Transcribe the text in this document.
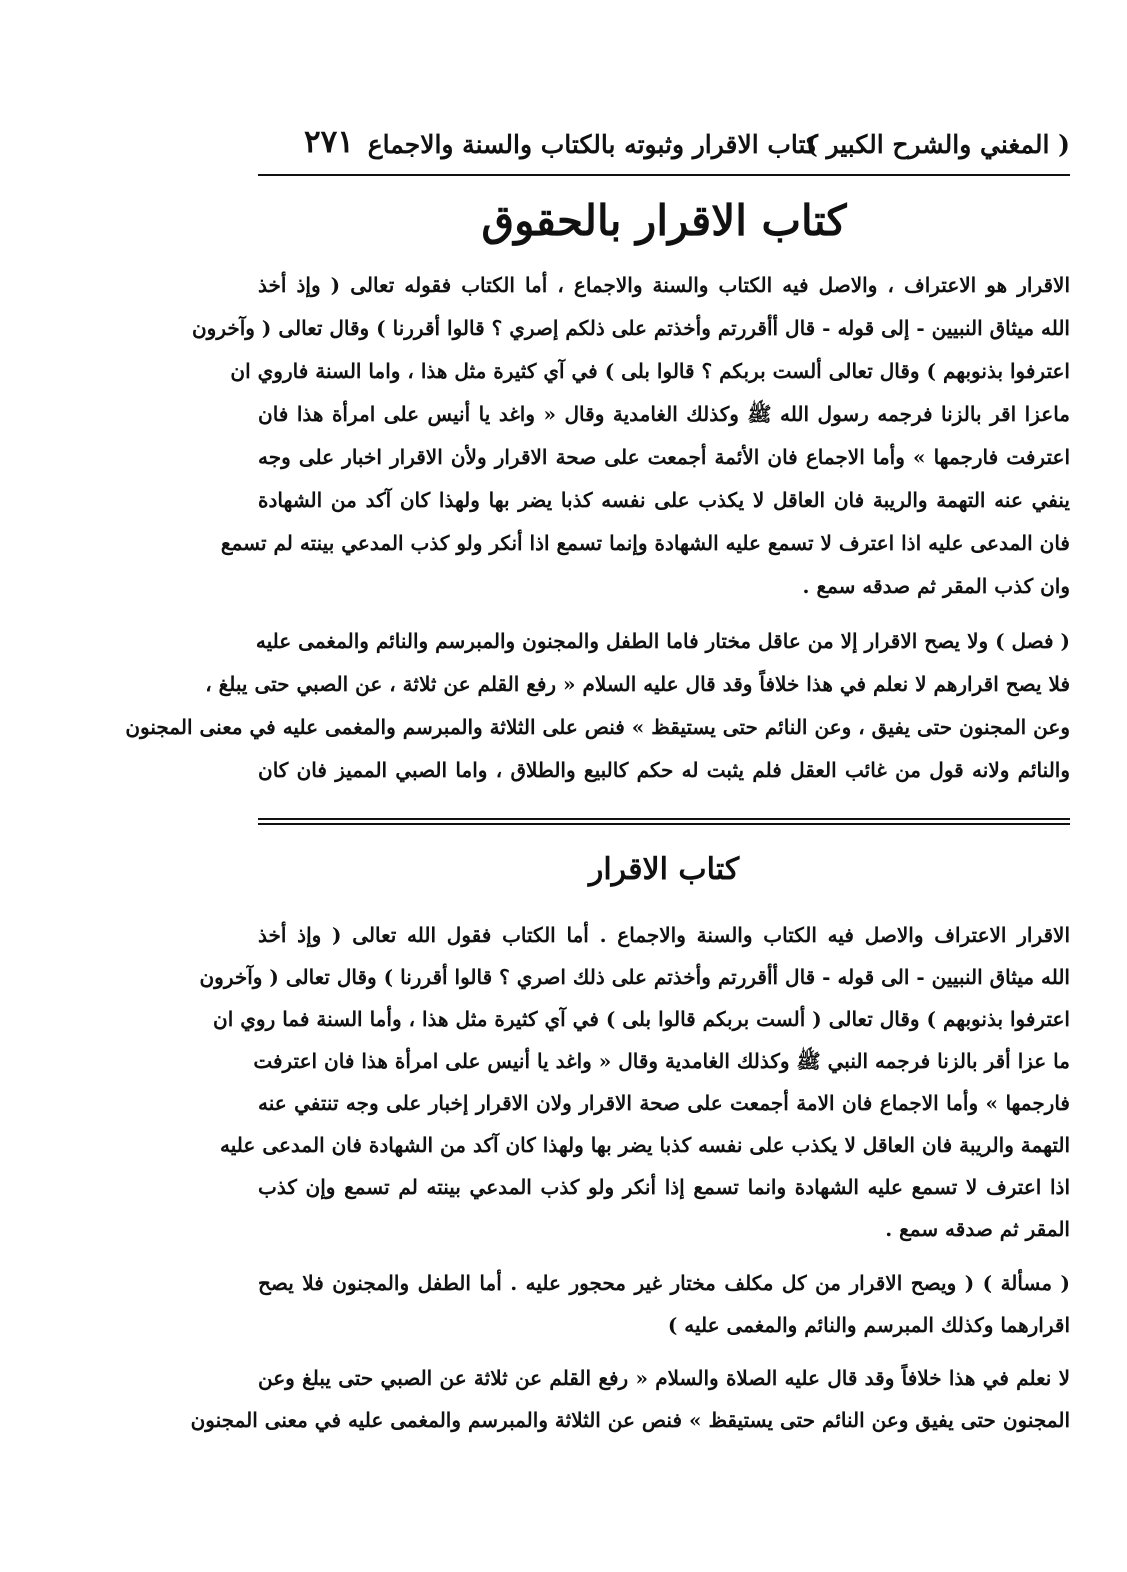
( المغني والشرح الكبير )
كتاب الاقرار وثبوته بالكتاب والسنة والاجماع
٢٧١
كتاب الاقرار بالحقوق
الاقرار هو الاعتراف ، والاصل فيه الكتاب والسنة والاجماع ، أما الكتاب فقوله تعالى ( وإذ أخذ
الله ميثاق النبيين - إلى قوله - قال أأقررتم وأخذتم على ذلكم إصري ؟ قالوا أقررنا ) وقال تعالى ( وآخرون
اعترفوا بذنوبهم ) وقال تعالى ألست بربكم ؟ قالوا بلى ) في آي كثيرة مثل هذا ، واما السنة فاروي ان
ماعزا اقر بالزنا فرجمه رسول الله ﷺ وكذلك الغامدية وقال « واغد يا أنيس على امرأة هذا فان
اعترفت فارجمها » وأما الاجماع فان الأئمة أجمعت على صحة الاقرار ولأن الاقرار اخبار على وجه
ينفي عنه التهمة والريبة فان العاقل لا يكذب على نفسه كذبا يضر بها ولهذا كان آكد من الشهادة
فان المدعى عليه اذا اعترف لا تسمع عليه الشهادة وإنما تسمع اذا أنكر ولو كذب المدعي بينته لم تسمع
وان كذب المقر ثم صدقه سمع .
( فصل ) ولا يصح الاقرار إلا من عاقل مختار فاما الطفل والمجنون والمبرسم والنائم والمغمى عليه
فلا يصح اقرارهم لا نعلم في هذا خلافاً وقد قال عليه السلام « رفع القلم عن ثلاثة ، عن الصبي حتى يبلغ ،
وعن المجنون حتى يفيق ، وعن النائم حتى يستيقظ » فنص على الثلاثة والمبرسم والمغمى عليه في معنى المجنون
والنائم ولانه قول من غائب العقل فلم يثبت له حكم كالبيع والطلاق ، واما الصبي المميز فان كان
كتاب الاقرار
الاقرار الاعتراف والاصل فيه الكتاب والسنة والاجماع . أما الكتاب فقول الله تعالى ( وإذ أخذ
الله ميثاق النبيين - الى قوله - قال أأقررتم وأخذتم على ذلك اصري ؟ قالوا أقررنا ) وقال تعالى ( وآخرون
اعترفوا بذنوبهم ) وقال تعالى ( ألست بربكم قالوا بلى ) في آي كثيرة مثل هذا ، وأما السنة فما روي ان
ما عزا أقر بالزنا فرجمه النبي ﷺ وكذلك الغامدية وقال « واغد يا أنيس على امرأة هذا فان اعترفت
فارجمها » وأما الاجماع فان الامة أجمعت على صحة الاقرار ولان الاقرار إخبار على وجه تنتفي عنه
التهمة والريبة فان العاقل لا يكذب على نفسه كذبا يضر بها ولهذا كان آكد من الشهادة فان المدعى عليه
اذا اعترف لا تسمع عليه الشهادة وانما تسمع إذا أنكر ولو كذب المدعي بينته لم تسمع وإن كذب
المقر ثم صدقه سمع .
( مسألة ) ( ويصح الاقرار من كل مكلف مختار غير محجور عليه . أما الطفل والمجنون فلا يصح
اقرارهما وكذلك المبرسم والنائم والمغمى عليه )
لا نعلم في هذا خلافاً وقد قال عليه الصلاة والسلام « رفع القلم عن ثلاثة عن الصبي حتى يبلغ وعن
المجنون حتى يفيق وعن النائم حتى يستيقظ » فنص عن الثلاثة والمبرسم والمغمى عليه في معنى المجنون
